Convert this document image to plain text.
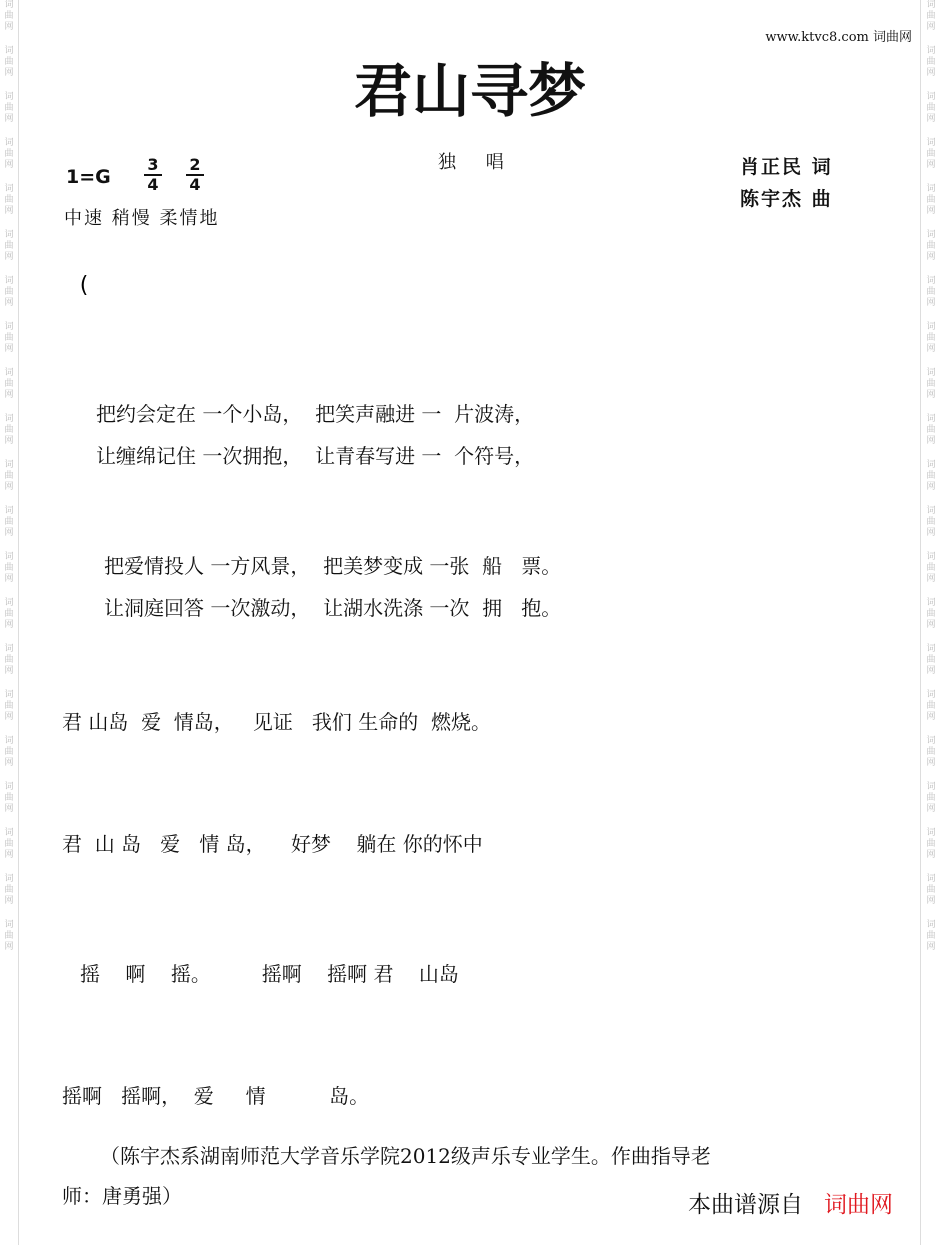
词
曲
网
词
曲
网
词
曲
网
词
曲
网
词
曲
网
词
曲
网
词
曲
网
词
曲
网
词
曲
网
词
曲
网
词
曲
网
词
曲
网
词
曲
网
词
曲
网
词
曲
网
词
曲
网
词
曲
网
词
曲
网
词
曲
网
词
曲
网
词
曲
网
词
曲
网
词
曲
网
词
曲
网
词
曲
网
词
曲
网
词
曲
网
词
曲
网
词
曲
网
词
曲
网
词
曲
网
词
曲
网
词
曲
网
词
曲
网
词
曲
网
词
曲
网
词
曲
网
词
曲
网
词
曲
网
词
曲
网
词
曲
网
词
曲
网
www.ktvc8.com 词曲网
君山寻梦
独 唱	肖正民 词
陈宇杰 曲
1=G
3
4
2
4
中速 稍慢 柔情地
(
把约会定在 一个小岛，  把笑声融进 一  片波涛，
让缠绵记住 一次拥抱，  让青春写进 一  个符号，
把爱情投人 一方风景，  把美梦变成 一张  船   票。
让洞庭回答 一次激动，  让湖水洗涤 一次  拥   抱。
君 山岛  爱  情岛，   见证   我们 生命的  燃烧。
君  山 岛   爱   情 岛，    好梦    躺在 你的怀中
摇    啊    摇。        摇啊    摇啊 君    山岛
摇啊   摇啊，  爱     情          岛。
（陈宇杰系湖南师范大学音乐学院2012级声乐专业学生。作曲指导老
师：唐勇强）	本曲谱源自 词曲网
